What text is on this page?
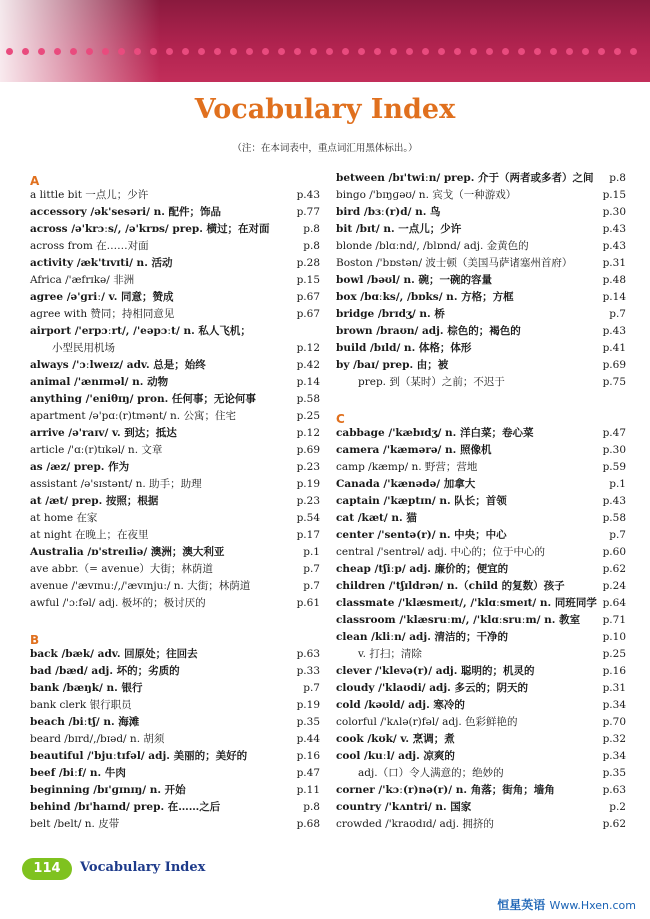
Vocabulary Index
（注：在本词表中，重点词汇用黑体标出。）
A
a little bit 一点儿；少许	p.43
accessory /ək'sesəri/ n. 配件；饰品	p.77
across /ə'krɔːs/, /ə'krɒs/ prep. 横过；在对面	p.8
across from 在……对面	p.8
activity /æk'tɪvɪti/ n. 活动	p.28
Africa /'æfrɪkə/ 非洲	p.15
agree /ə'ɡriː/ v. 同意；赞成	p.67
agree with 赞同；持相同意见	p.67
airport /'erpɔːrt/, /'eəpɔːt/ n. 私人飞机；
小型民用机场	p.12
always /'ɔːlweɪz/ adv. 总是；始终	p.42
animal /'ænɪməl/ n. 动物	p.14
anything /'eniθɪŋ/ pron. 任何事；无论何事	p.58
apartment /ə'pɑː(r)tmənt/ n. 公寓；住宅	p.25
arrive /ə'raɪv/ v. 到达；抵达	p.12
article /'ɑː(r)tɪkəl/ n. 文章	p.69
as /æz/ prep. 作为	p.23
assistant /ə'sɪstənt/ n. 助手；助理	p.19
at /æt/ prep. 按照；根据	p.23
at home 在家	p.54
at night 在晚上；在夜里	p.17
Australia /ɒ'streɪliə/ 澳洲；澳大利亚	p.1
ave abbr.（= avenue）大街；林荫道	p.7
avenue /'ævɪnuː/,/'ævɪnjuː/ n. 大街；林荫道	p.7
awful /'ɔːfəl/ adj. 极坏的；极讨厌的	p.61
B
back /bæk/ adv. 回原处；往回去	p.63
bad /bæd/ adj. 坏的；劣质的	p.33
bank /bæŋk/ n. 银行	p.7
bank clerk 银行职员	p.19
beach /biːtʃ/ n. 海滩	p.35
beard /bɪrd/,/bɪəd/ n. 胡须	p.44
beautiful /'bjuːtɪfəl/ adj. 美丽的；美好的	p.16
beef /biːf/ n. 牛肉	p.47
beginning /bɪ'ɡɪnɪŋ/ n. 开始	p.11
behind /bɪ'haɪnd/ prep. 在……之后	p.8
belt /belt/ n. 皮带	p.68
between /bɪ'twiːn/ prep. 介于（两者或多者）之间 p.8
bingo /'bɪŋɡəʊ/ n. 宾戈（一种游戏）	p.15
bird /bɜː(r)d/ n. 鸟	p.30
bit /bɪt/ n. 一点儿；少许	p.43
blonde /blɑːnd/, /blɒnd/ adj. 金黄色的	p.43
Boston /'bɒstən/ 波士顿（美国马萨诸塞州首府）	p.31
bowl /bəʊl/ n. 碗；一碗的容量	p.48
box /bɑːks/, /bɒks/ n. 方格；方框	p.14
bridge /brɪdʒ/ n. 桥	p.7
brown /braʊn/ adj. 棕色的；褐色的	p.43
build /bɪld/ n. 体格；体形	p.41
by /baɪ/ prep. 由；被	p.69
prep. 到（某时）之前；不迟于	p.75
C
cabbage /'kæbɪdʒ/ n. 洋白菜；卷心菜	p.47
camera /'kæmərə/ n. 照像机	p.30
camp /kæmp/ n. 野营；营地	p.59
Canada /'kænədə/ 加拿大	p.1
captain /'kæptɪn/ n. 队长；首领	p.43
cat /kæt/ n. 猫	p.58
center /'sentə(r)/ n. 中央；中心	p.7
central /'sentrəl/ adj. 中心的；位于中心的	p.60
cheap /tʃiːp/ adj. 廉价的；便宜的	p.62
children /'tʃɪldrən/ n.（child 的复数）孩子	p.24
classmate /'klæsmeɪt/, /'klɑːsmeɪt/ n. 同班同学 p.64
classroom /'klæsruːm/, /'klɑːsruːm/ n. 教室 p.71
clean /kliːn/ adj. 清洁的；干净的	p.10
v. 打扫；清除	p.25
clever /'klevə(r)/ adj. 聪明的；机灵的	p.16
cloudy /'klaʊdi/ adj. 多云的；阴天的	p.31
cold /kəʊld/ adj. 寒冷的	p.34
colorful /'kʌlə(r)fəl/ adj. 色彩鲜艳的	p.70
cook /kʊk/ v. 烹调；煮	p.32
cool /kuːl/ adj. 凉爽的	p.34
adj.（口）令人满意的；绝妙的	p.35
corner /'kɔː(r)nə(r)/ n. 角落；街角；墙角	p.63
country /'kʌntri/ n. 国家	p.2
crowded /'kraʊdɪd/ adj. 拥挤的	p.62
114	Vocabulary Index
恒星英语 Www.Hxen.com
